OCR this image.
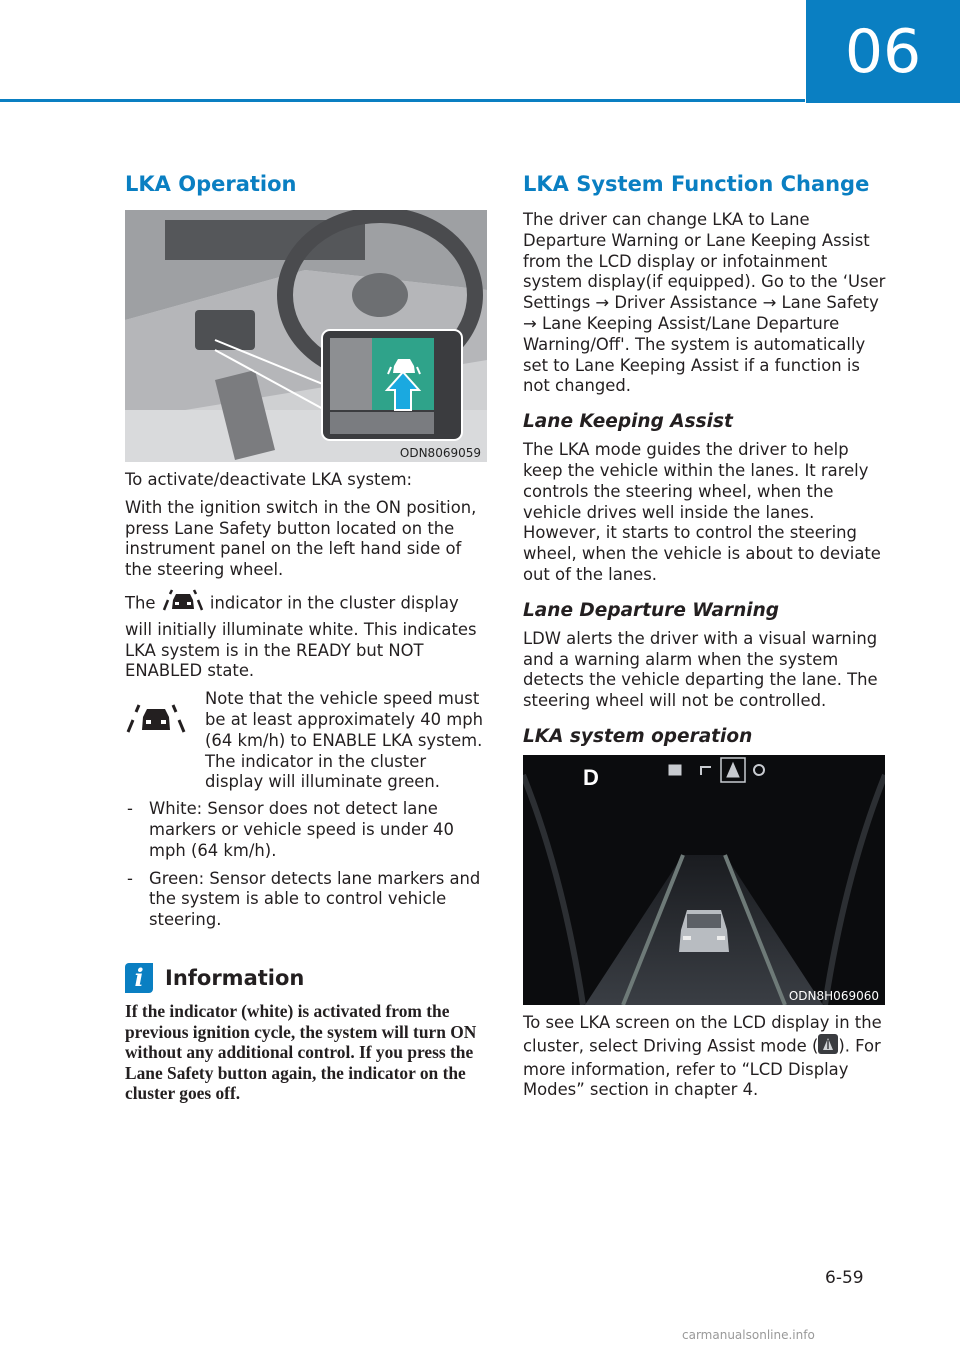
06
LKA Operation
ODN8069059

To activate/deactivate LKA system:

With the ignition switch in the ON position, press Lane Safety button located on the instrument panel on the left hand side of the steering wheel.

The	indicator in the cluster display will initially illuminate white. This indicates LKA system is in the READY but NOT ENABLED state.

Note that the vehicle speed must be at least approximately 40 mph (64 km/h) to ENABLE LKA system. The indicator in the cluster display will illuminate green.

- White: Sensor does not detect lane markers or vehicle speed is under 40 mph (64 km/h).
- Green: Sensor detects lane markers and the system is able to control vehicle steering.
i	Information
If the indicator (white) is activated from the previous ignition cycle, the system will turn ON without any additional control. If you press the Lane Safety button again, the indicator on the cluster goes off.
LKA System Function Change

The driver can change LKA to Lane Departure Warning or Lane Keeping Assist from the LCD display or infotainment system display(if equipped). Go to the ‘User Settings → Driver Assistance → Lane Safety → Lane Keeping Assist/Lane Departure Warning/Off'. The system is automatically set to Lane Keeping Assist if a function is not changed.

Lane Keeping Assist

The LKA mode guides the driver to help keep the vehicle within the lanes. It rarely controls the steering wheel, when the vehicle drives well inside the lanes. However, it starts to control the steering wheel, when the vehicle is about to deviate out of the lanes.

Lane Departure Warning

LDW alerts the driver with a visual warning and a warning alarm when the system detects the vehicle departing the lane. The steering wheel will not be controlled.

LKA system operation
D
ODN8H069060

To see LKA screen on the LCD display in the cluster, select Driving Assist mode ( ). For more information, refer to “LCD Display Modes” section in chapter 4.

6-59
carmanualsonline.info
